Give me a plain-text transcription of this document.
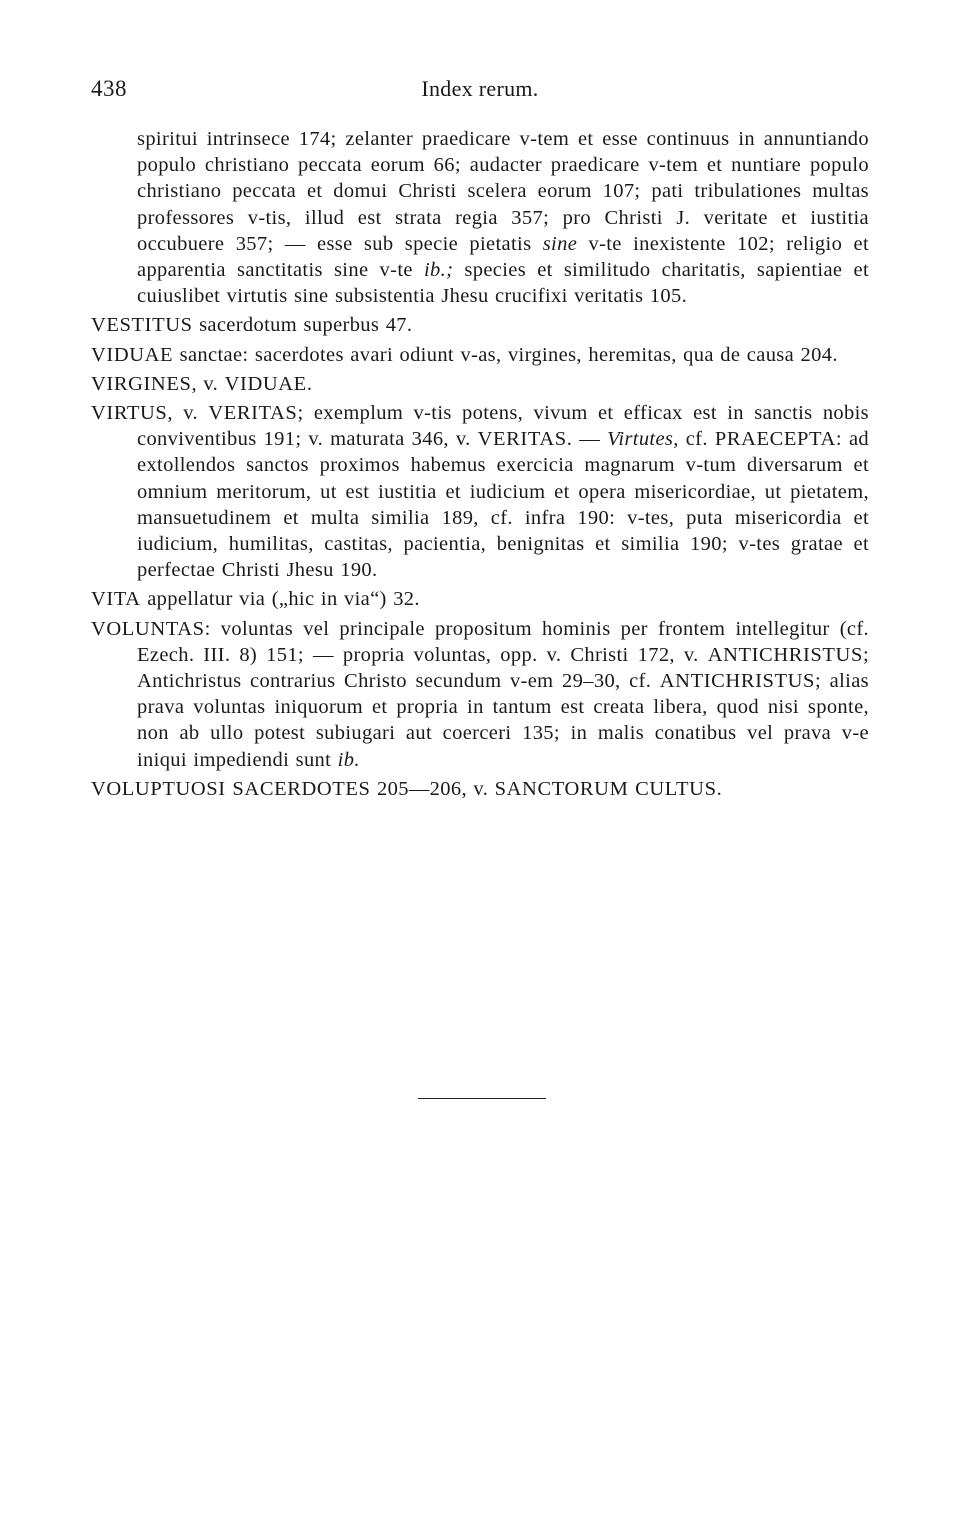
438	Index rerum.

spiritui intrinsece 174; zelanter praedicare v-tem et esse continuus in annuntiando populo christiano peccata eorum 66; audacter praedicare v-tem et nuntiare populo christiano peccata et domui Christi scelera eorum 107; pati tribulationes multas professores v-tis, illud est strata regia 357; pro Christi J. veritate et iustitia occubuere 357; — esse sub specie pietatis sine v-te inexistente 102; religio et apparentia sanctitatis sine v-te ib.; species et similitudo charitatis, sapientiae et cuiuslibet virtutis sine subsistentia Jhesu crucifixi veritatis 105.

VESTITUS sacerdotum superbus 47.

VIDUAE sanctae: sacerdotes avari odiunt v-as, virgines, heremitas, qua de causa 204.

VIRGINES, v. VIDUAE.

VIRTUS, v. VERITAS; exemplum v-tis potens, vivum et efficax est in sanctis nobis conviventibus 191; v. maturata 346, v. VERITAS. — Virtutes, cf. PRAECEPTA: ad extollendos sanctos proximos habemus exercicia magnarum v-tum diversarum et omnium meritorum, ut est iustitia et iudicium et opera misericordiae, ut pietatem, mansuetudinem et multa similia 189, cf. infra 190: v-tes, puta misericordia et iudicium, humilitas, castitas, pacientia, benignitas et similia 190; v-tes gratae et perfectae Christi Jhesu 190.

VITA appellatur via („hic in via“) 32.

VOLUNTAS: voluntas vel principale propositum hominis per frontem intellegitur (cf. Ezech. III. 8) 151; — propria voluntas, opp. v. Christi 172, v. ANTICHRISTUS; Antichristus contrarius Christo secundum v-em 29–30, cf. ANTICHRISTUS; alias prava voluntas iniquorum et propria in tantum est creata libera, quod nisi sponte, non ab ullo potest subiugari aut coerceri 135; in malis conatibus vel prava v-e iniqui impediendi sunt ib.

VOLUPTUOSI SACERDOTES 205—206, v. SANCTORUM CULTUS.
